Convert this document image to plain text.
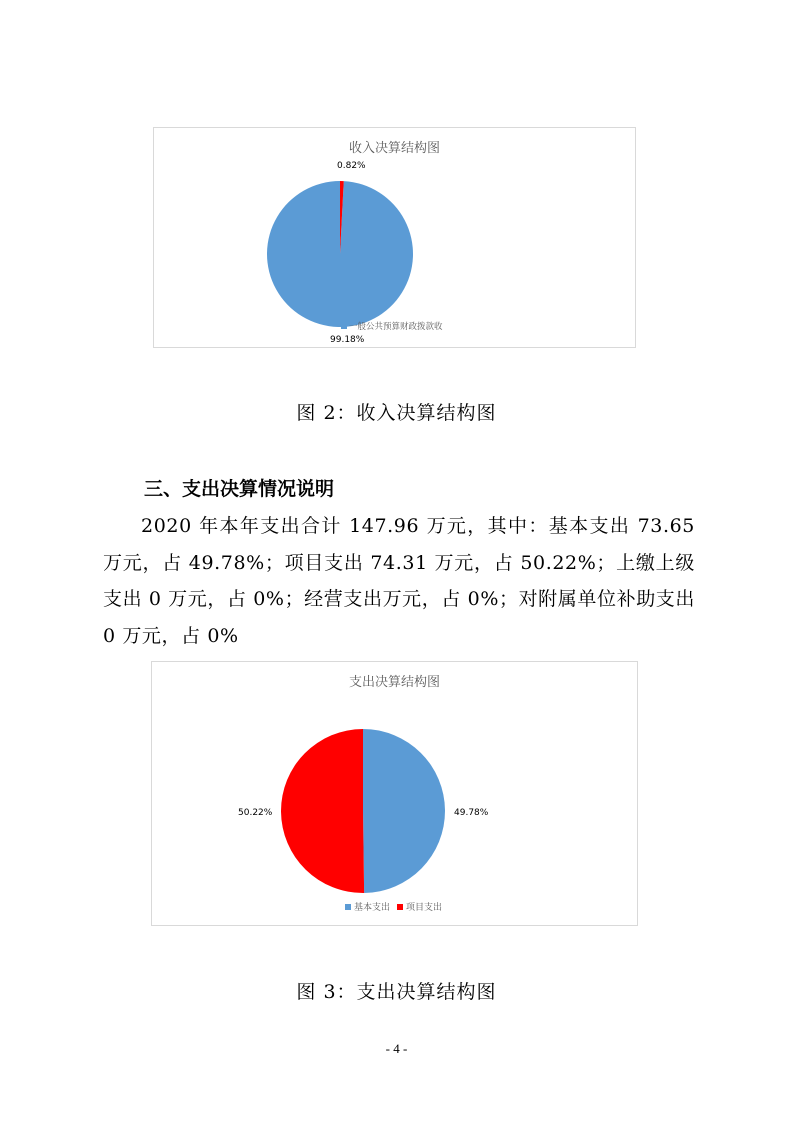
收入决算结构图
0.82%
99.18%
一般公共预算财政拨款收
图 2：收入决算结构图
三、支出决算情况说明
2020 年本年支出合计 147.96 万元，其中：基本支出 73.65 万元，占 49.78%；项目支出 74.31 万元，占 50.22%；上缴上级支出 0 万元，占 0%；经营支出万元，占 0%；对附属单位补助支出 0 万元，占 0%
支出决算结构图
49.78%
50.22%
基本支出 项目支出
图 3：支出决算结构图
- 4 -
